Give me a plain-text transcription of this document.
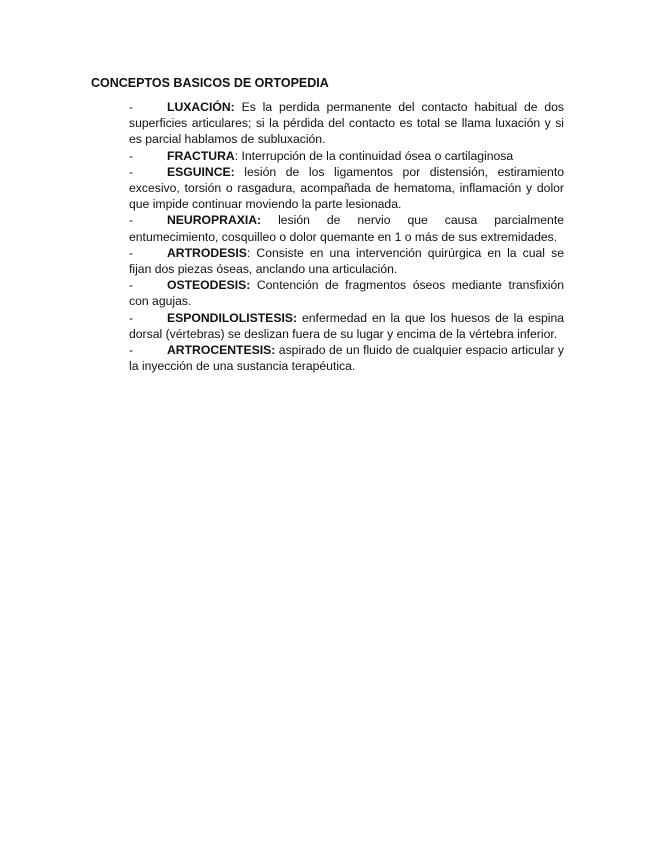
CONCEPTOS BASICOS DE ORTOPEDIA
-	LUXACIÓN: Es la perdida permanente del contacto habitual de dos superficies articulares; si la pérdida del contacto es total se llama luxación y si es parcial hablamos de subluxación.
-	FRACTURA: Interrupción de la continuidad ósea o cartilaginosa
-	ESGUINCE: lesión de los ligamentos por distensión, estiramiento excesivo, torsión o rasgadura, acompañada de hematoma, inflamación y dolor que impide continuar moviendo la parte lesionada.
-	NEUROPRAXIA: lesión de nervio que causa parcialmente entumecimiento, cosquilleo o dolor quemante en 1 o más de sus extremidades.
-	ARTRODESIS: Consiste en una intervención quirúrgica en la cual se fijan dos piezas óseas, anclando una articulación.
-	OSTEODESIS: Contención de fragmentos óseos mediante transfixión con agujas.
-	ESPONDILOLISTESIS: enfermedad en la que los huesos de la espina dorsal (vértebras) se deslizan fuera de su lugar y encima de la vértebra inferior.
-	ARTROCENTESIS: aspirado de un fluido de cualquier espacio articular y la inyección de una sustancia terapéutica.
